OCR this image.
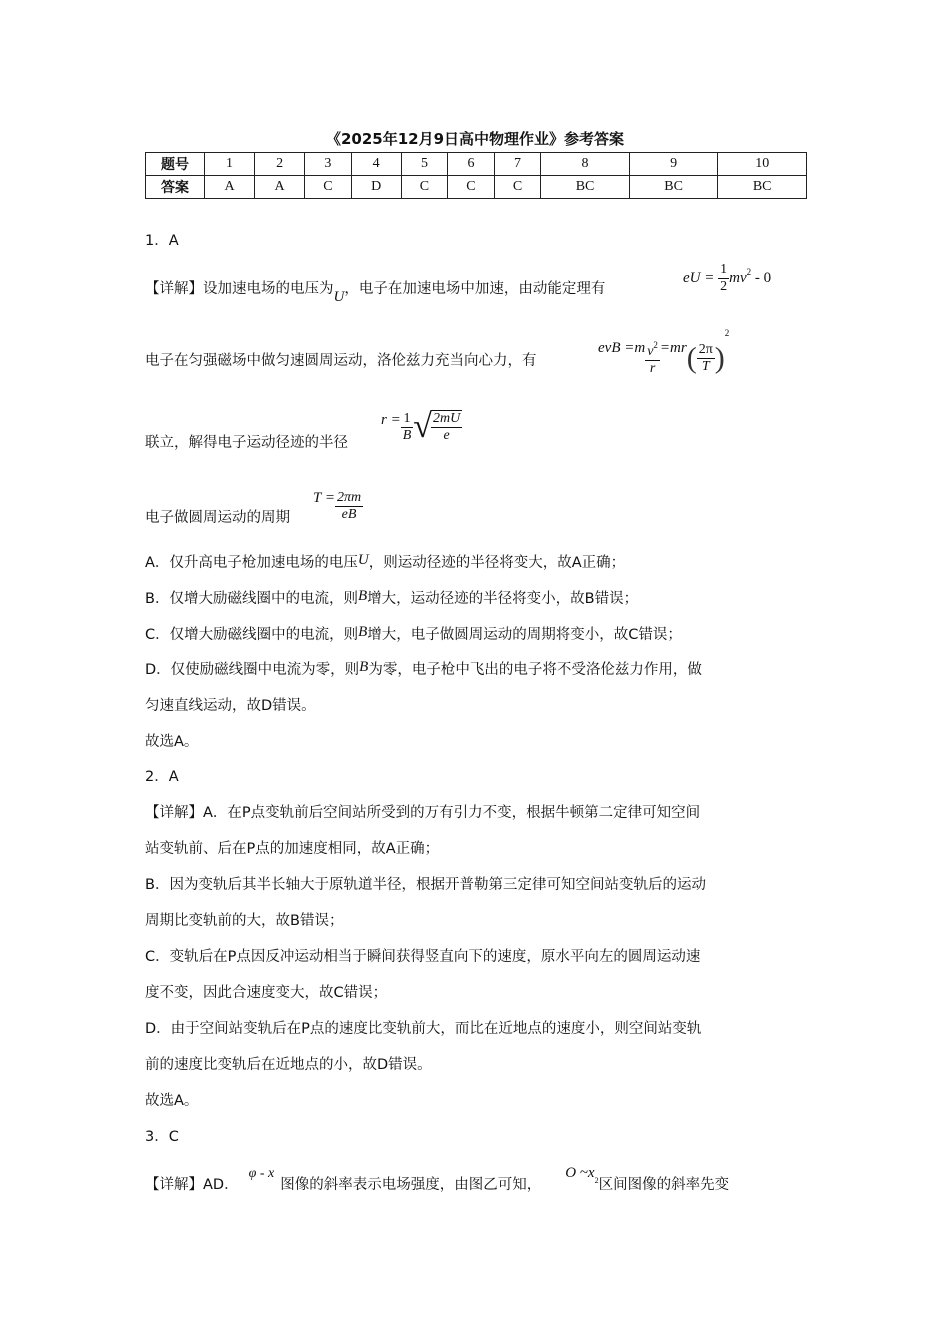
《2025年12月9日高中物理作业》参考答案
题号	1	2	3	4	5	6	7	8	9	10
答案	A	A	C	D	C	C	C	BC	BC	BC
1．A
【详解】设加速电场的电压为U，电子在加速电场中加速，由动能定理有
eU = $\frac{1}{2} mv^2 - 0$
电子在匀强磁场中做匀速圆周运动，洛伦兹力充当向心力，有
evB $=m \frac{v^2}{r} =mr( \frac{2\pi}{T} )^2$
联立，解得电子运动径迹的半径
$r = \frac{1}{B}$ √ $\frac{2mU}{e}$
电子做圆周运动的周期
$T = \frac{2\pi m}{eB}$
A．仅升高电子枪加速电场的电压U，则运动径迹的半径将变大，故A正确；
B．仅增大励磁线圈中的电流，则B增大，运动径迹的半径将变小，故B错误；
C．仅增大励磁线圈中的电流，则B增大，电子做圆周运动的周期将变小，故C错误；
D．仅使励磁线圈中电流为零，则B为零，电子枪中飞出的电子将不受洛伦兹力作用，做
匀速直线运动，故D错误。
故选A。
2．A
【详解】A．在P点变轨前后空间站所受到的万有引力不变，根据牛顿第二定律可知空间
站变轨前、后在P点的加速度相同，故A正确；
B．因为变轨后其半长轴大于原轨道半径，根据开普勒第三定律可知空间站变轨后的运动
周期比变轨前的大，故B错误；
C．变轨后在P点因反冲运动相当于瞬间获得竖直向下的速度，原水平向左的圆周运动速
度不变，因此合速度变大，故C错误；
D．由于空间站变轨后在P点的速度比变轨前大，而比在近地点的速度小，则空间站变轨
前的速度比变轨后在近地点的小，故D错误。
故选A。
3．C
【详解】AD．φ - x图像的斜率表示电场强度，由图乙可知，O $\sim x_2$区间图像的斜率先变
